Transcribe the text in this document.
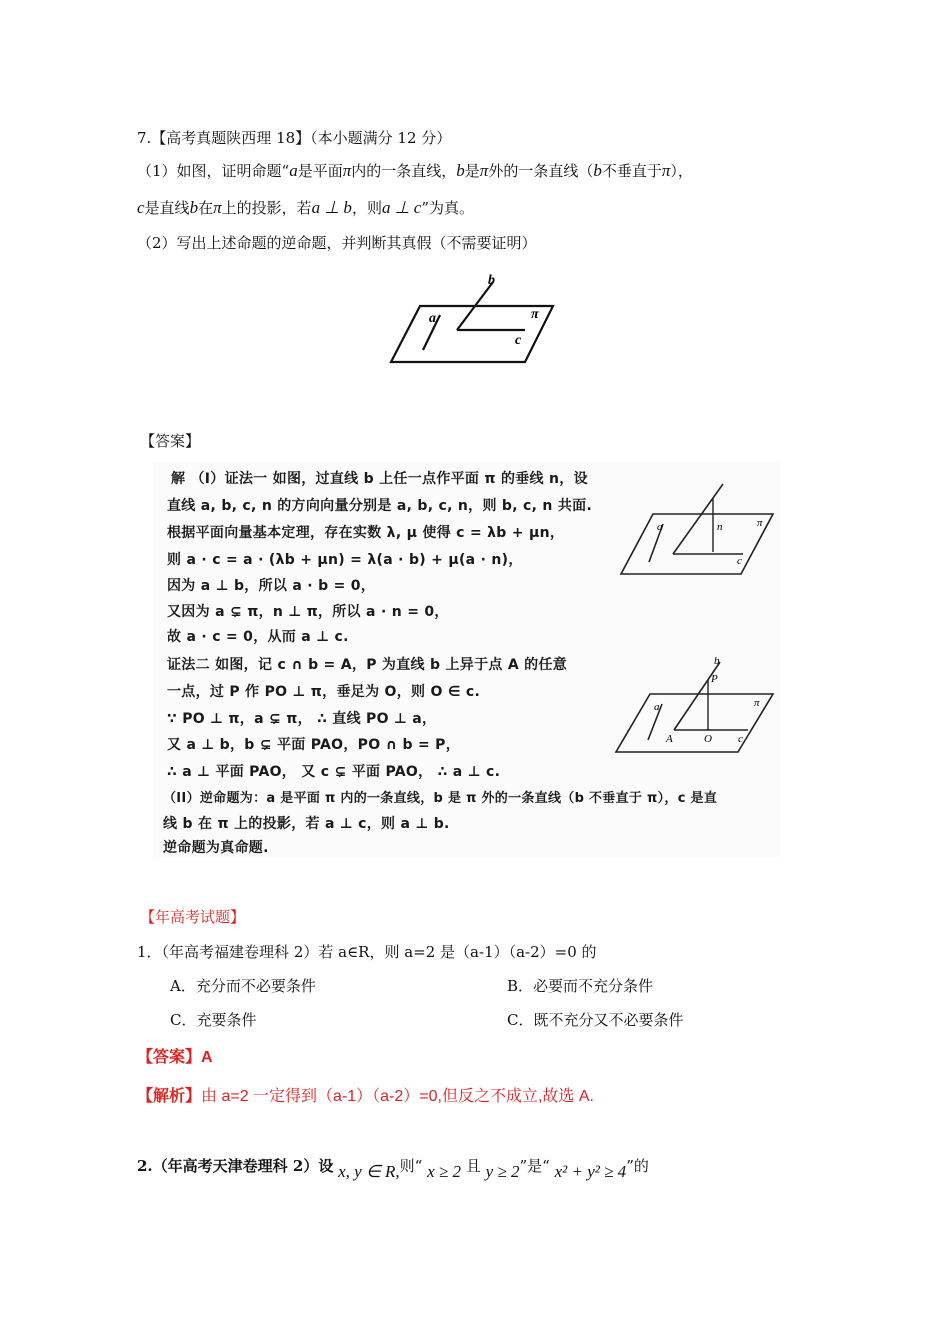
7.【高考真题陕西理 18】（本小题满分 12 分）
（1）如图，证明命题“a是平面π内的一条直线，b是π外的一条直线（b不垂直于π），
c是直线b在π上的投影，若a ⊥ b，则a ⊥ c”为真。
（2）写出上述命题的逆命题，并判断其真假（不需要证明）
b
a	π
c
【答案】
解 （I）证法一 如图，过直线 b 上任一点作平面 π 的垂线 n，设
直线 a, b, c, n 的方向向量分别是 a, b, c, n，则 b, c, n 共面.
根据平面向量基本定理，存在实数 λ, μ 使得 c = λb + μn，
则 a · c = a · (λb + μn) = λ(a · b) + μ(a · n)，
因为 a ⊥ b，所以 a · b = 0，
又因为 a ⊊ π，n ⊥ π，所以 a · n = 0，
故 a · c = 0，从而 a ⊥ c.
证法二 如图，记 c ∩ b = A，P 为直线 b 上异于点 A 的任意
一点，过 P 作 PO ⊥ π，垂足为 O，则 O ∈ c.
∵ PO ⊥ π，a ⊊ π， ∴ 直线 PO ⊥ a，
又 a ⊥ b，b ⊊ 平面 PAO，PO ∩ b = P，
∴ a ⊥ 平面 PAO， 又 c ⊊ 平面 PAO， ∴ a ⊥ c.
（II）逆命题为：a 是平面 π 内的一条直线，b 是 π 外的一条直线（b 不垂直于 π），c 是直
线 b 在 π 上的投影，若 a ⊥ c，则 a ⊥ b.
逆命题为真命题.
a	π
n
c
b
P
a	π
A	O c
【年高考试题】
1．（年高考福建卷理科 2）若 a∈R，则 a=2 是（a-1）（a-2）=0 的
A．充分而不必要条件	B．必要而不充分条件
C．充要条件	C．既不充分又不必要条件
【答案】A
【解析】由 a=2 一定得到（a-1）（a-2）=0,但反之不成立,故选 A.
2.（年高考天津卷理科 2）设 x, y ∈ R,则“ x ≥ 2 且 y ≥ 2”是“ x² + y² ≥ 4”的
